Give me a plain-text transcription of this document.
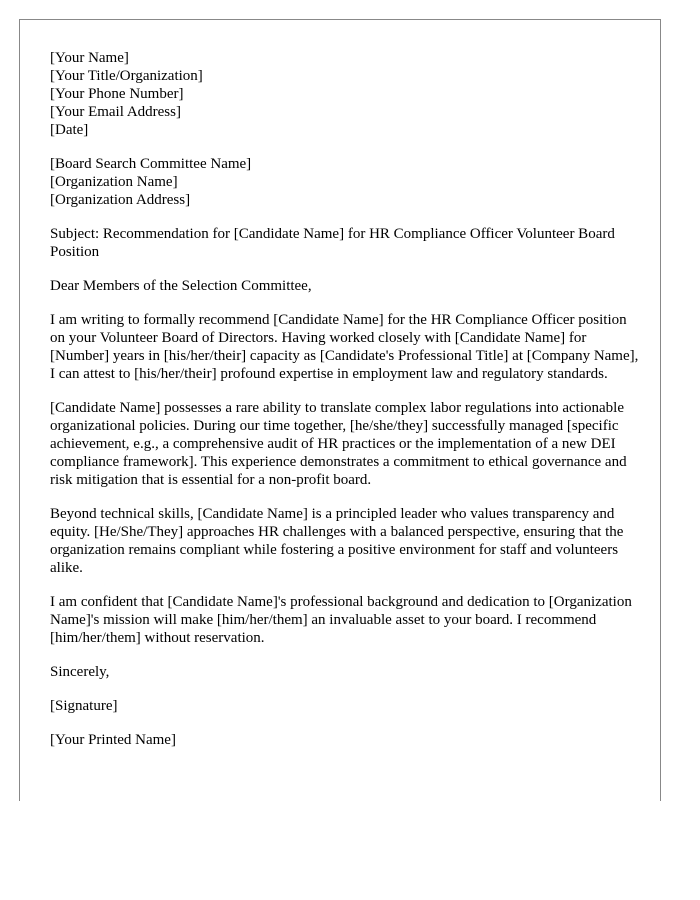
[Your Name]
[Your Title/Organization]
[Your Phone Number]
[Your Email Address]
[Date]
[Board Search Committee Name]
[Organization Name]
[Organization Address]

Subject: Recommendation for [Candidate Name] for HR Compliance Officer Volunteer Board Position

Dear Members of the Selection Committee,

I am writing to formally recommend [Candidate Name] for the HR Compliance Officer position on your Volunteer Board of Directors. Having worked closely with [Candidate Name] for [Number] years in [his/her/their] capacity as [Candidate's Professional Title] at [Company Name], I can attest to [his/her/their] profound expertise in employment law and regulatory standards.

[Candidate Name] possesses a rare ability to translate complex labor regulations into actionable organizational policies. During our time together, [he/she/they] successfully managed [specific achievement, e.g., a comprehensive audit of HR practices or the implementation of a new DEI compliance framework]. This experience demonstrates a commitment to ethical governance and risk mitigation that is essential for a non-profit board.

Beyond technical skills, [Candidate Name] is a principled leader who values transparency and equity. [He/She/They] approaches HR challenges with a balanced perspective, ensuring that the organization remains compliant while fostering a positive environment for staff and volunteers alike.

I am confident that [Candidate Name]'s professional background and dedication to [Organization Name]'s mission will make [him/her/them] an invaluable asset to your board. I recommend [him/her/them] without reservation.

Sincerely,

[Signature]

[Your Printed Name]
